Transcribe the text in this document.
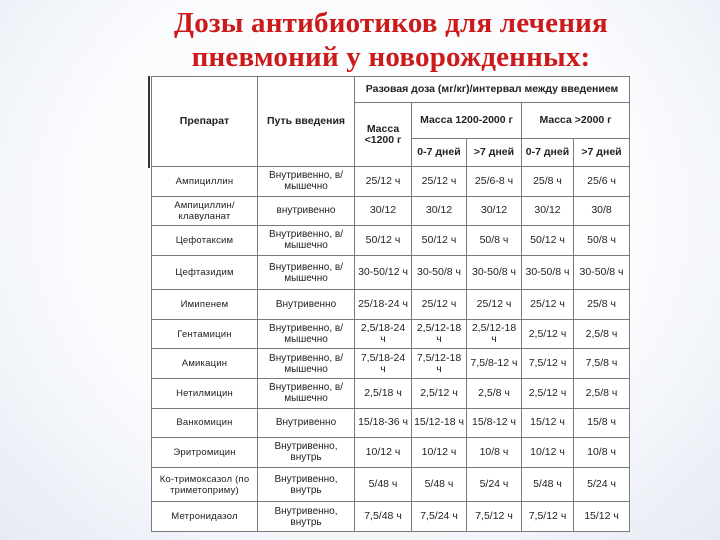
Дозы антибиотиков для лечения
пневмоний у новорожденных:
Препарат	Путь введения	Разовая доза (мг/кг)/интервал между введением				
		Масса <1200 г	Масса 1200-2000 г		Масса >2000 г	
			0-7 дней	>7 дней	0-7 дней	>7 дней
Ампициллин	Внутривенно, в/мышечно	25/12 ч	25/12 ч	25/6-8 ч	25/8 ч	25/6 ч
Ампициллин/ клавуланат	внутривенно	30/12	30/12	30/12	30/12	30/8
Цефотаксим	Внутривенно, в/мышечно	50/12 ч	50/12 ч	50/8 ч	50/12 ч	50/8 ч
Цефтазидим	Внутривенно, в/мышечно	30-50/12 ч	30-50/8 ч	30-50/8 ч	30-50/8 ч	30-50/8 ч
Имипенем	Внутривенно	25/18-24 ч	25/12 ч	25/12 ч	25/12 ч	25/8 ч
Гентамицин	Внутривенно, в/мышечно	2,5/18-24 ч	2,5/12-18 ч	2,5/12-18 ч	2,5/12 ч	2,5/8 ч
Амикацин	Внутривенно, в/мышечно	7,5/18-24 ч	7,5/12-18 ч	7,5/8-12 ч	7,5/12 ч	7,5/8 ч
Нетилмицин	Внутривенно, в/мышечно	2,5/18 ч	2,5/12 ч	2,5/8 ч	2,5/12 ч	2,5/8 ч
Ванкомицин	Внутривенно	15/18-36 ч	15/12-18 ч	15/8-12 ч	15/12 ч	15/8 ч
Эритромицин	Внутривенно, внутрь	10/12 ч	10/12 ч	10/8 ч	10/12 ч	10/8 ч
Ко-тримоксазол (по триметоприму)	Внутривенно, внутрь	5/48 ч	5/48 ч	5/24 ч	5/48 ч	5/24 ч
Метронидазол	Внутривенно, внутрь	7,5/48 ч	7,5/24 ч	7,5/12 ч	7,5/12 ч	15/12 ч
